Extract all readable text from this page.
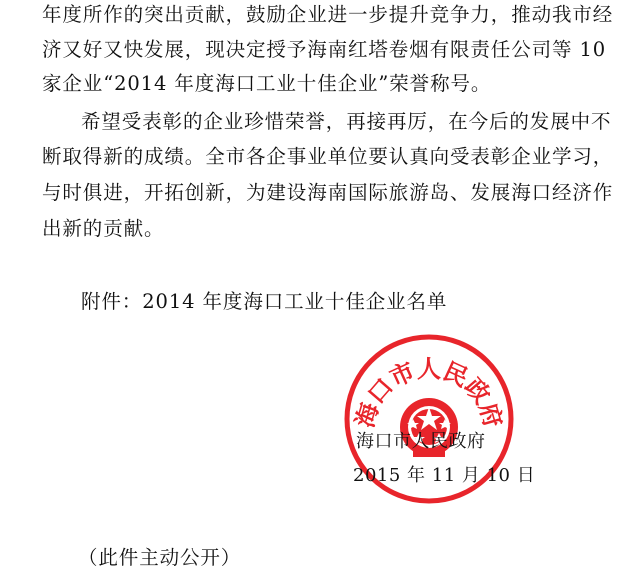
年度所作的突出贡献，鼓励企业进一步提升竞争力，推动我市经
济又好又快发展，现决定授予海南红塔卷烟有限责任公司等 10
家企业“2014 年度海口工业十佳企业”荣誉称号。
希望受表彰的企业珍惜荣誉，再接再厉，在今后的发展中不
断取得新的成绩。全市各企事业单位要认真向受表彰企业学习，
与时俱进，开拓创新，为建设海南国际旅游岛、发展海口经济作
出新的贡献。
附件：2014 年度海口工业十佳企业名单
海口市人民政府
海口市人民政府
2015 年 11 月 10 日
（此件主动公开）
